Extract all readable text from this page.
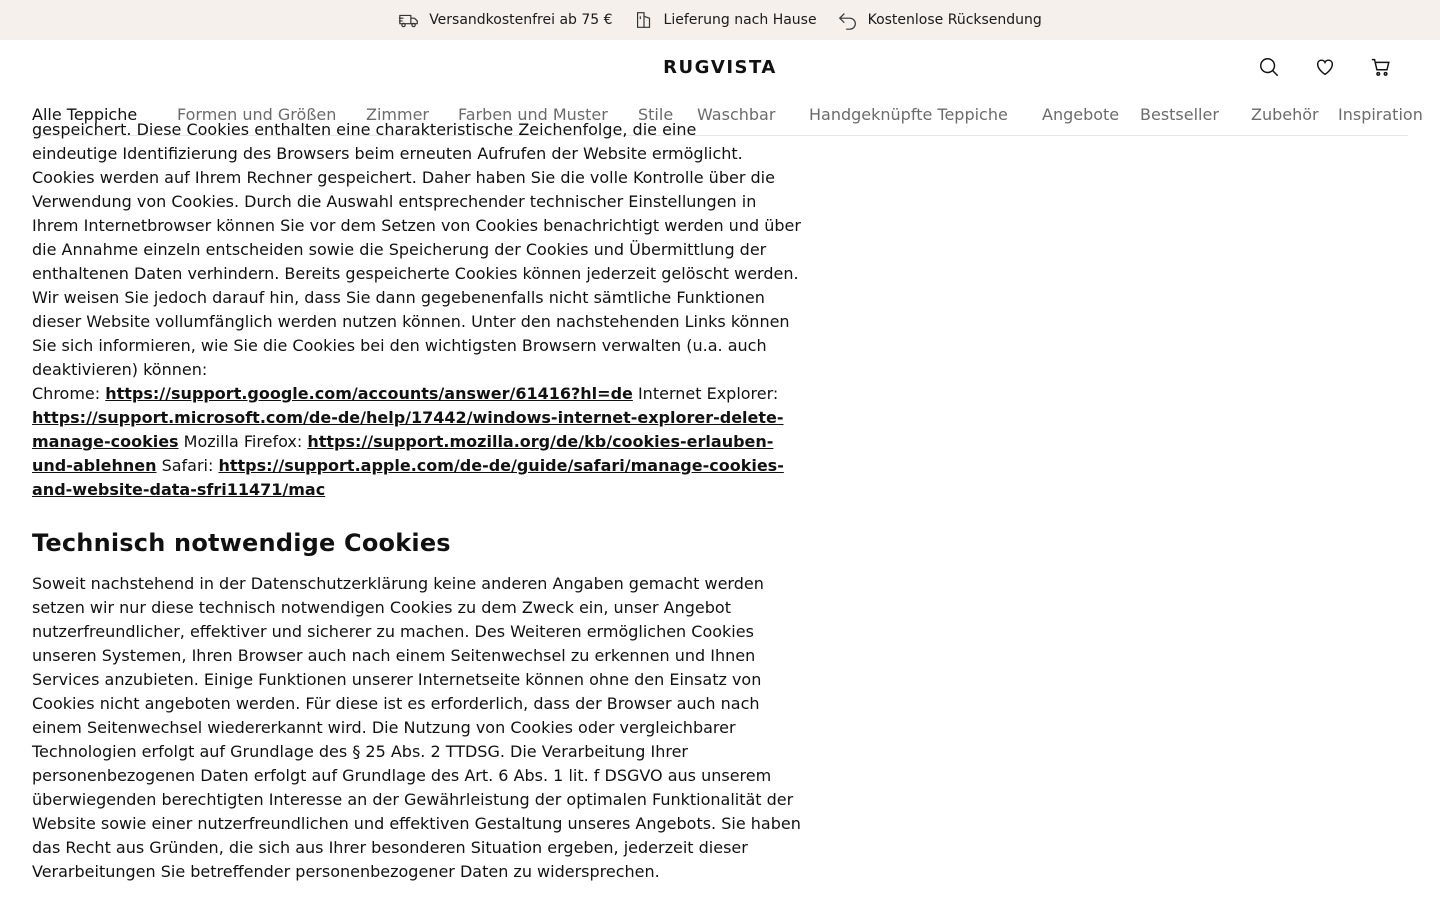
Versandkostenfrei ab 75 €	Lieferung nach Hause	Kostenlose Rücksendung
RUGVISTA
Alle Teppiche Formen und Größen Zimmer Farben und Muster Stile Waschbar Handgeknüpfte Teppiche Angebote Bestseller Zubehör Inspiration

gespeichert. Diese Cookies enthalten eine charakteristische Zeichenfolge, die eine

eindeutige Identifizierung des Browsers beim erneuten Aufrufen der Website ermöglicht. Cookies werden auf Ihrem Rechner gespeichert. Daher haben Sie die volle Kontrolle über die Verwendung von Cookies. Durch die Auswahl entsprechender technischer Einstellungen in Ihrem Internetbrowser können Sie vor dem Setzen von Cookies benachrichtigt werden und über die Annahme einzeln entscheiden sowie die Speicherung der Cookies und Übermittlung der enthaltenen Daten verhindern. Bereits gespeicherte Cookies können jederzeit gelöscht werden. Wir weisen Sie jedoch darauf hin, dass Sie dann gegebenenfalls nicht sämtliche Funktionen dieser Website vollumfänglich werden nutzen können. Unter den nachstehenden Links können Sie sich informieren, wie Sie die Cookies bei den wichtigsten Browsern verwalten (u.a. auch deaktivieren) können:

Chrome: https://support.google.com/accounts/answer/61416?hl=de Internet Explorer: https://support.microsoft.com/de-de/help/17442/windows-internet-explorer-delete-manage-cookies Mozilla Firefox: https://support.mozilla.org/de/kb/cookies-erlauben-und-ablehnen Safari: https://support.apple.com/de-de/guide/safari/manage-cookies-and-website-data-sfri11471/mac

Technisch notwendige Cookies

Soweit nachstehend in der Datenschutzerklärung keine anderen Angaben gemacht werden setzen wir nur diese technisch notwendigen Cookies zu dem Zweck ein, unser Angebot nutzerfreundlicher, effektiver und sicherer zu machen. Des Weiteren ermöglichen Cookies unseren Systemen, Ihren Browser auch nach einem Seitenwechsel zu erkennen und Ihnen Services anzubieten. Einige Funktionen unserer Internetseite können ohne den Einsatz von Cookies nicht angeboten werden. Für diese ist es erforderlich, dass der Browser auch nach einem Seitenwechsel wiedererkannt wird. Die Nutzung von Cookies oder vergleichbarer Technologien erfolgt auf Grundlage des § 25 Abs. 2 TTDSG. Die Verarbeitung Ihrer personenbezogenen Daten erfolgt auf Grundlage des Art. 6 Abs. 1 lit. f DSGVO aus unserem überwiegenden berechtigten Interesse an der Gewährleistung der optimalen Funktionalität der Website sowie einer nutzerfreundlichen und effektiven Gestaltung unseres Angebots. Sie haben das Recht aus Gründen, die sich aus Ihrer besonderen Situation ergeben, jederzeit dieser Verarbeitungen Sie betreffender personenbezogener Daten zu widersprechen.
